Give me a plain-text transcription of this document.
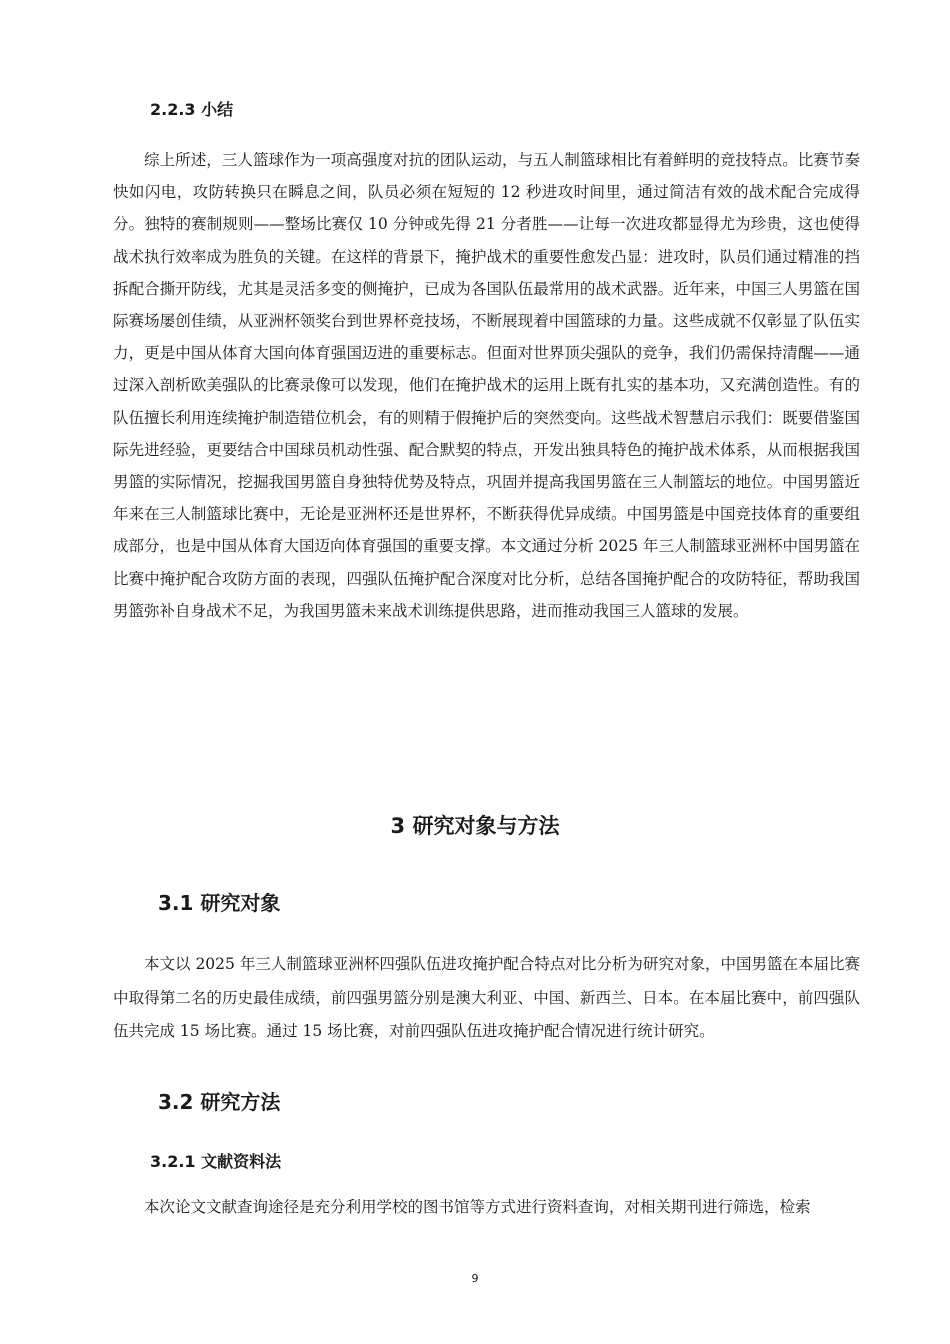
2.2.3 小结

综上所述，三人篮球作为一项高强度对抗的团队运动，与五人制篮球相比有着鲜明的竞技特点。比赛节奏快如闪电，攻防转换只在瞬息之间，队员必须在短短的 12 秒进攻时间里，通过简洁有效的战术配合完成得分。独特的赛制规则——整场比赛仅 10 分钟或先得 21 分者胜——让每一次进攻都显得尤为珍贵，这也使得战术执行效率成为胜负的关键。在这样的背景下，掩护战术的重要性愈发凸显：进攻时，队员们通过精准的挡拆配合撕开防线，尤其是灵活多变的侧掩护，已成为各国队伍最常用的战术武器。近年来，中国三人男篮在国际赛场屡创佳绩，从亚洲杯领奖台到世界杯竞技场，不断展现着中国篮球的力量。这些成就不仅彰显了队伍实力，更是中国从体育大国向体育强国迈进的重要标志。但面对世界顶尖强队的竞争，我们仍需保持清醒——通过深入剖析欧美强队的比赛录像可以发现，他们在掩护战术的运用上既有扎实的基本功，又充满创造性。有的队伍擅长利用连续掩护制造错位机会，有的则精于假掩护后的突然变向。这些战术智慧启示我们：既要借鉴国际先进经验，更要结合中国球员机动性强、配合默契的特点，开发出独具特色的掩护战术体系，从而根据我国男篮的实际情况，挖掘我国男篮自身独特优势及特点，巩固并提高我国男篮在三人制篮坛的地位。中国男篮近年来在三人制篮球比赛中，无论是亚洲杯还是世界杯，不断获得优异成绩。中国男篮是中国竞技体育的重要组成部分，也是中国从体育大国迈向体育强国的重要支撑。本文通过分析 2025 年三人制篮球亚洲杯中国男篮在比赛中掩护配合攻防方面的表现，四强队伍掩护配合深度对比分析，总结各国掩护配合的攻防特征，帮助我国男篮弥补自身战术不足，为我国男篮未来战术训练提供思路，进而推动我国三人篮球的发展。

3 研究对象与方法
3.1 研究对象

本文以 2025 年三人制篮球亚洲杯四强队伍进攻掩护配合特点对比分析为研究对象，中国男篮在本届比赛中取得第二名的历史最佳成绩，前四强男篮分别是澳大利亚、中国、新西兰、日本。在本届比赛中，前四强队伍共完成 15 场比赛。通过 15 场比赛，对前四强队伍进攻掩护配合情况进行统计研究。

3.2 研究方法
3.2.1 文献资料法

本次论文文献查询途径是充分利用学校的图书馆等方式进行资料查询，对相关期刊进行筛选，检索

9
